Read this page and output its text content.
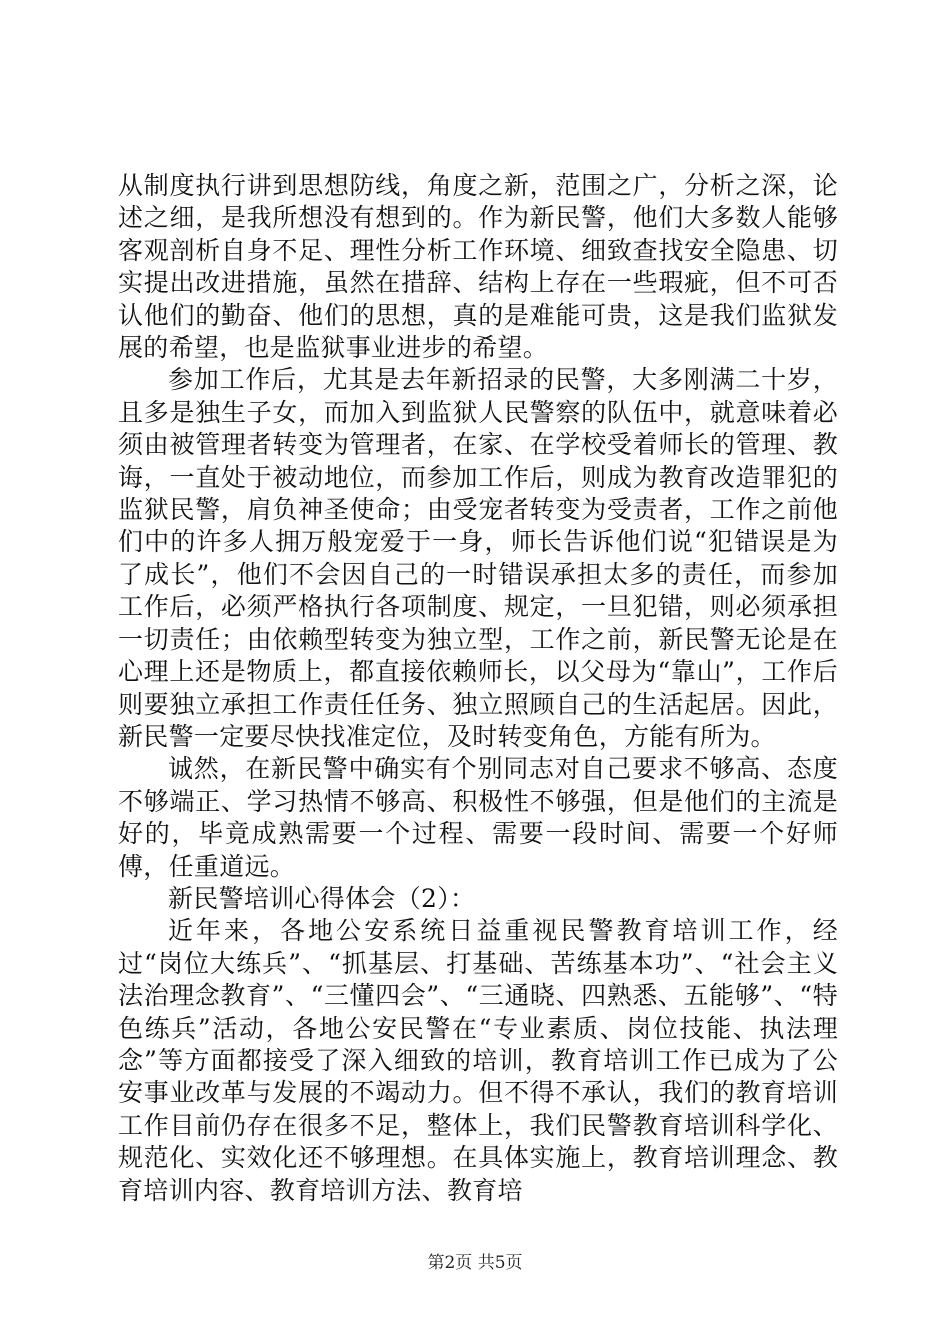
从制度执行讲到思想防线，角度之新，范围之广，分析之深，论述之细，是我所想没有想到的。作为新民警，他们大多数人能够客观剖析自身不足、理性分析工作环境、细致查找安全隐患、切实提出改进措施，虽然在措辞、结构上存在一些瑕疵，但不可否认他们的勤奋、他们的思想，真的是难能可贵，这是我们监狱发展的希望，也是监狱事业进步的希望。

参加工作后，尤其是去年新招录的民警，大多刚满二十岁，且多是独生子女，而加入到监狱人民警察的队伍中，就意味着必须由被管理者转变为管理者，在家、在学校受着师长的管理、教诲，一直处于被动地位，而参加工作后，则成为教育改造罪犯的监狱民警，肩负神圣使命；由受宠者转变为受责者，工作之前他们中的许多人拥万般宠爱于一身，师长告诉他们说“犯错误是为了成长”，他们不会因自己的一时错误承担太多的责任，而参加工作后，必须严格执行各项制度、规定，一旦犯错，则必须承担一切责任；由依赖型转变为独立型，工作之前，新民警无论是在心理上还是物质上，都直接依赖师长，以父母为“靠山”，工作后则要独立承担工作责任任务、独立照顾自己的生活起居。因此，新民警一定要尽快找准定位，及时转变角色，方能有所为。

诚然，在新民警中确实有个别同志对自己要求不够高、态度不够端正、学习热情不够高、积极性不够强，但是他们的主流是好的，毕竟成熟需要一个过程、需要一段时间、需要一个好师傅，任重道远。

新民警培训心得体会（2）：

近年来，各地公安系统日益重视民警教育培训工作，经过“岗位大练兵”、“抓基层、打基础、苦练基本功”、“社会主义法治理念教育”、“三懂四会”、“三通晓、四熟悉、五能够”、“特色练兵”活动，各地公安民警在“专业素质、岗位技能、执法理念”等方面都接受了深入细致的培训，教育培训工作已成为了公安事业改革与发展的不竭动力。但不得不承认，我们的教育培训工作目前仍存在很多不足，整体上，我们民警教育培训科学化、规范化、实效化还不够理想。在具体实施上，教育培训理念、教育培训内容、教育培训方法、教育培

第2页 共5页
